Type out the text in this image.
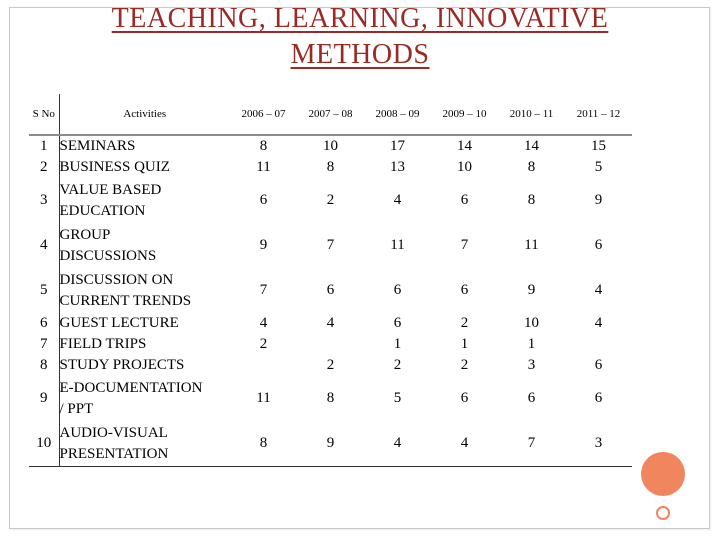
TEACHING, LEARNING, INNOVATIVE
METHODS
S No	Activities	2006 – 07	2007 – 08	2008 – 09	2009 – 10	2010 – 11	2011 – 12
1	SEMINARS	8	10	17	14	14	15
2	BUSINESS QUIZ	11	8	13	10	8	5
3	VALUE BASED
EDUCATION	6	2	4	6	8	9
4	GROUP
DISCUSSIONS	9	7	11	7	11	6
5	DISCUSSION ON
CURRENT TRENDS	7	6	6	6	9	4
6	GUEST LECTURE	4	4	6	2	10	4
7	FIELD TRIPS	2		1	1	1	
8	STUDY PROJECTS		2	2	2	3	6
9	E-DOCUMENTATION
/ PPT	11	8	5	6	6	6
10	AUDIO-VISUAL
PRESENTATION	8	9	4	4	7	3
